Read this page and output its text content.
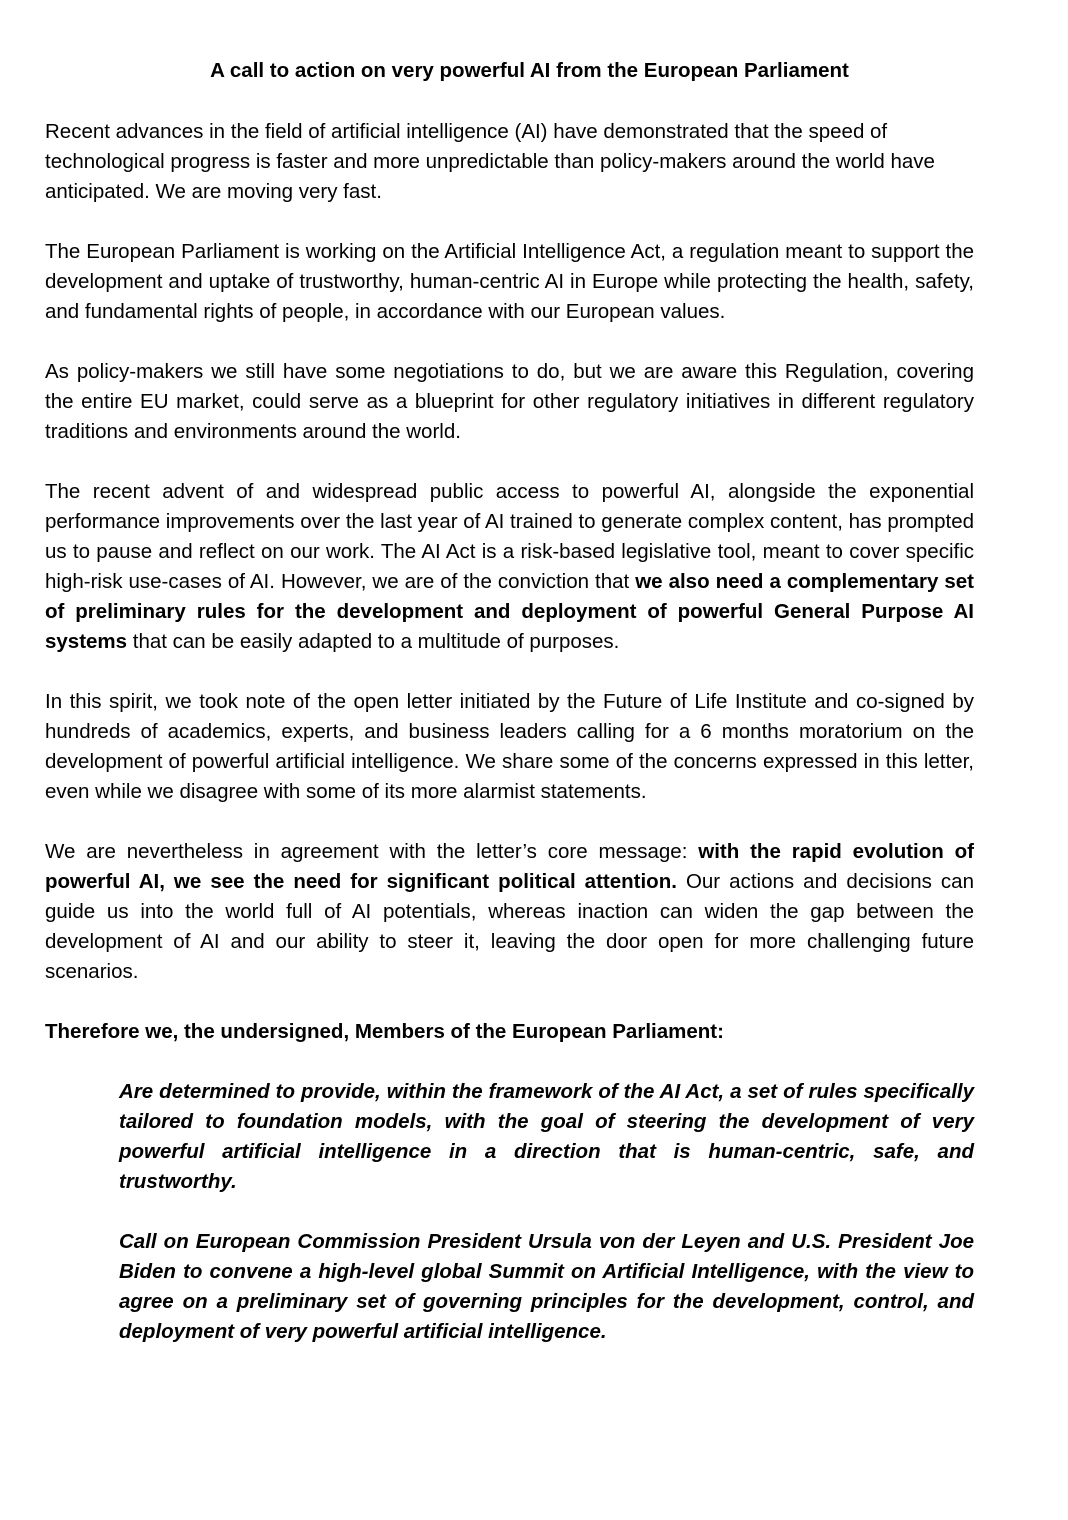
A call to action on very powerful AI from the European Parliament

Recent advances in the field of artificial intelligence (AI) have demonstrated that the speed of technological progress is faster and more unpredictable than policy-makers around the world have anticipated. We are moving very fast.

The European Parliament is working on the Artificial Intelligence Act, a regulation meant to support the development and uptake of trustworthy, human-centric AI in Europe while protecting the health, safety, and fundamental rights of people, in accordance with our European values.

As policy-makers we still have some negotiations to do, but we are aware this Regulation, covering the entire EU market, could serve as a blueprint for other regulatory initiatives in different regulatory traditions and environments around the world.

The recent advent of and widespread public access to powerful AI, alongside the exponential performance improvements over the last year of AI trained to generate complex content, has prompted us to pause and reflect on our work. The AI Act is a risk-based legislative tool, meant to cover specific high-risk use-cases of AI. However, we are of the conviction that we also need a complementary set of preliminary rules for the development and deployment of powerful General Purpose AI systems that can be easily adapted to a multitude of purposes.

In this spirit, we took note of the open letter initiated by the Future of Life Institute and co-signed by hundreds of academics, experts, and business leaders calling for a 6 months moratorium on the development of powerful artificial intelligence. We share some of the concerns expressed in this letter, even while we disagree with some of its more alarmist statements.

We are nevertheless in agreement with the letter’s core message: with the rapid evolution of powerful AI, we see the need for significant political attention. Our actions and decisions can guide us into the world full of AI potentials, whereas inaction can widen the gap between the development of AI and our ability to steer it, leaving the door open for more challenging future scenarios.

Therefore we, the undersigned, Members of the European Parliament:

Are determined to provide, within the framework of the AI Act, a set of rules specifically tailored to foundation models, with the goal of steering the development of very powerful artificial intelligence in a direction that is human-centric, safe, and trustworthy.

Call on European Commission President Ursula von der Leyen and U.S. President Joe Biden to convene a high-level global Summit on Artificial Intelligence, with the view to agree on a preliminary set of governing principles for the development, control, and deployment of very powerful artificial intelligence.
